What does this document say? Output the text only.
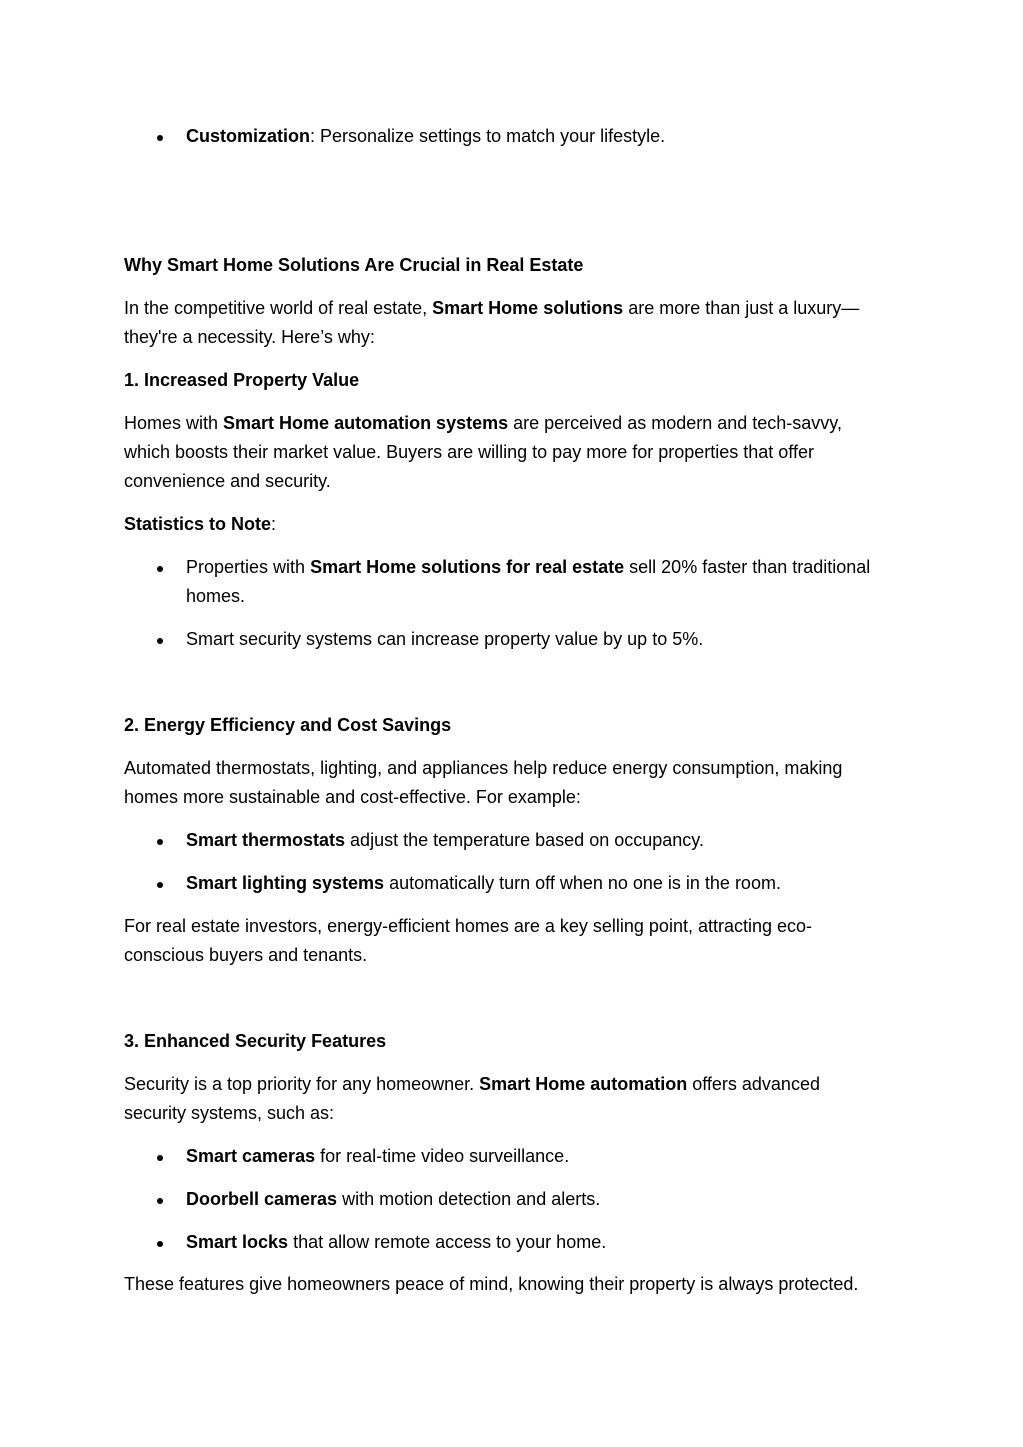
Customization: Personalize settings to match your lifestyle.
Why Smart Home Solutions Are Crucial in Real Estate
In the competitive world of real estate, Smart Home solutions are more than just a luxury—
they're a necessity. Here’s why:
1. Increased Property Value
Homes with Smart Home automation systems are perceived as modern and tech-savvy,
which boosts their market value. Buyers are willing to pay more for properties that offer
convenience and security.
Statistics to Note:
Properties with Smart Home solutions for real estate sell 20% faster than traditional
homes.
Smart security systems can increase property value by up to 5%.
2. Energy Efficiency and Cost Savings
Automated thermostats, lighting, and appliances help reduce energy consumption, making
homes more sustainable and cost-effective. For example:
Smart thermostats adjust the temperature based on occupancy.
Smart lighting systems automatically turn off when no one is in the room.
For real estate investors, energy-efficient homes are a key selling point, attracting eco-
conscious buyers and tenants.
3. Enhanced Security Features
Security is a top priority for any homeowner. Smart Home automation offers advanced
security systems, such as:
Smart cameras for real-time video surveillance.
Doorbell cameras with motion detection and alerts.
Smart locks that allow remote access to your home.
These features give homeowners peace of mind, knowing their property is always protected.
